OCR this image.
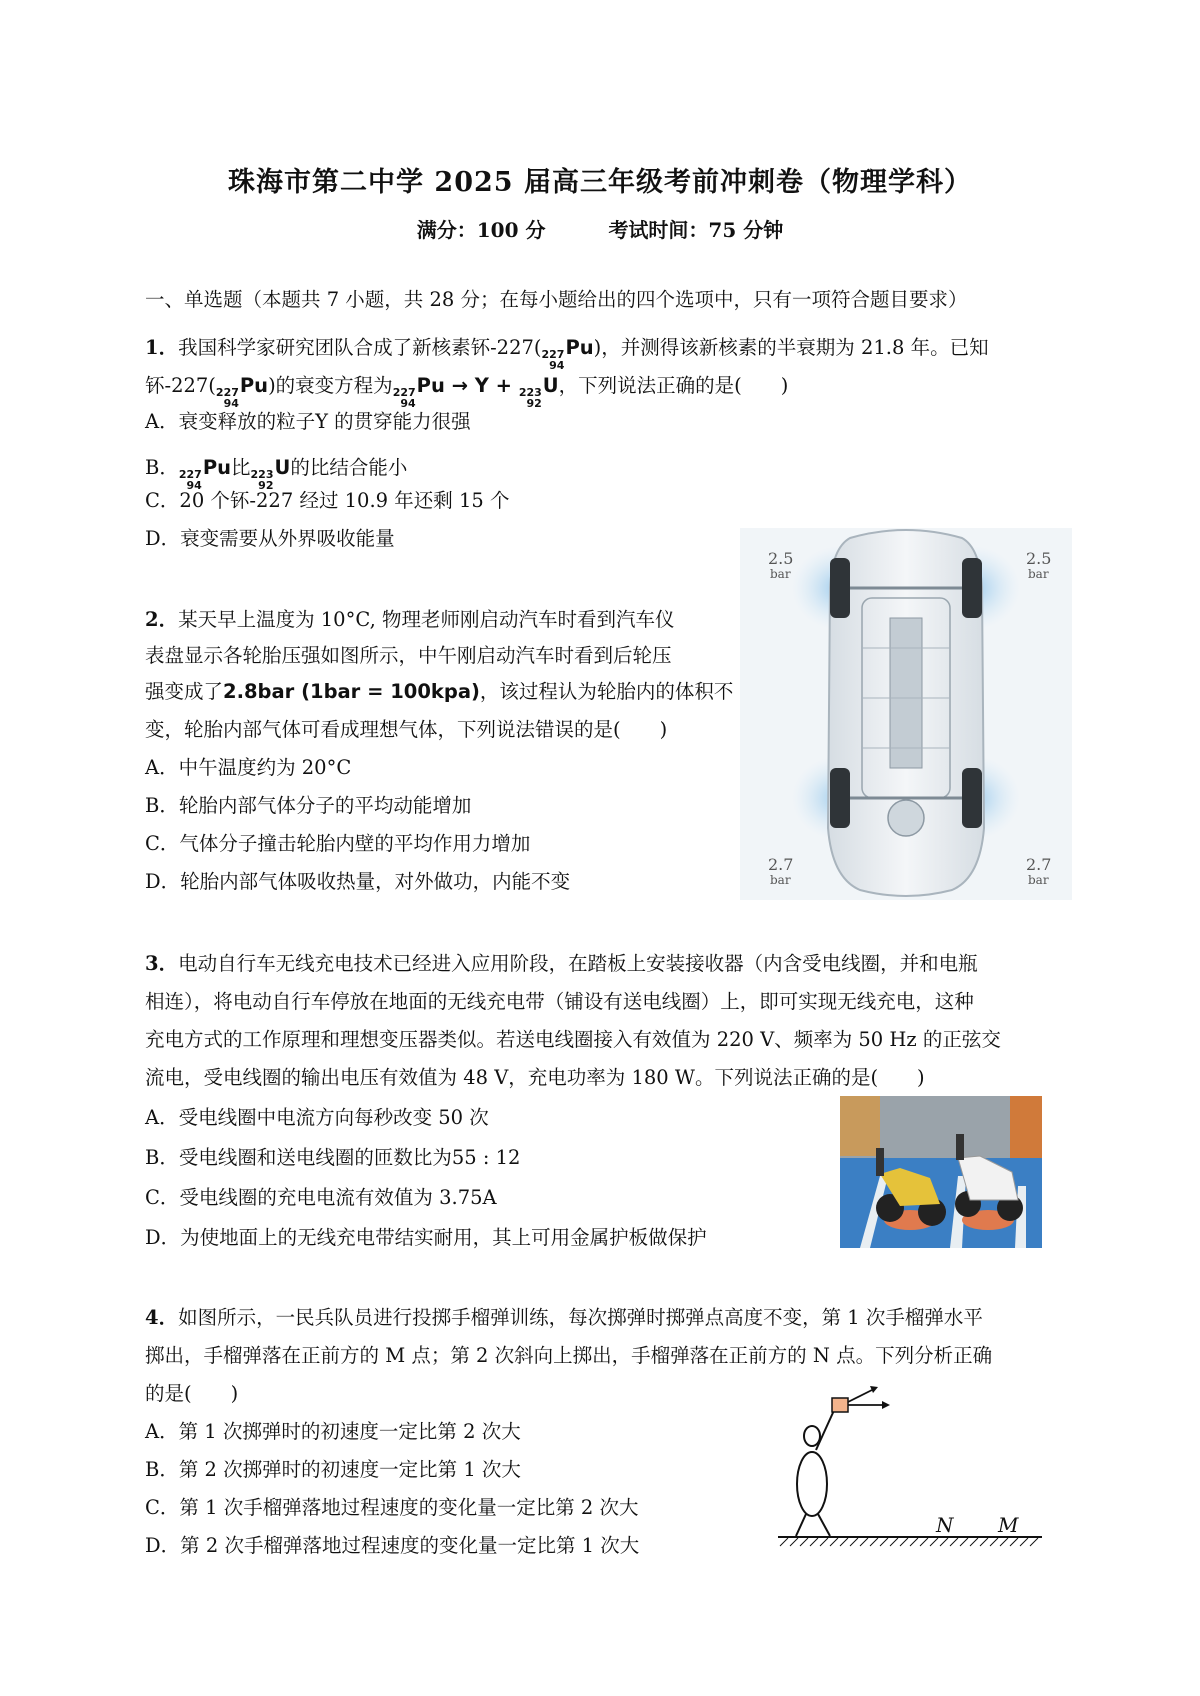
珠海市第二中学 2025 届高三年级考前冲刺卷（物理学科）
满分：100 分	考试时间：75 分钟
一、单选题（本题共 7 小题，共 28 分；在每小题给出的四个选项中，只有一项符合题目要求）
1．我国科学家研究团队合成了新核素钚-227( 227
94
Pu)，并测得该新核素的半衰期为 21.8 年。已知
钚-227( 227
94
Pu)的衰变方程为 227
94
Pu → Y + 223
92
U，下列说法正确的是(　　)
A．衰变释放的粒子Y 的贯穿能力很强
B． 227
94
Pu比 223
92
U的比结合能小
C．20 个钚-227 经过 10.9 年还剩 15 个
D．衰变需要从外界吸收能量
2．某天早上温度为 10°C, 物理老师刚启动汽车时看到汽车仪
表盘显示各轮胎压强如图所示，中午刚启动汽车时看到后轮压
强变成了2.8bar (1bar = 100kpa)，该过程认为轮胎内的体积不
变，轮胎内部气体可看成理想气体，下列说法错误的是(　　)
A．中午温度约为 20°C
B．轮胎内部气体分子的平均动能增加
C．气体分子撞击轮胎内壁的平均作用力增加
D．轮胎内部气体吸收热量，对外做功，内能不变
2.5
bar
2.5
bar
2.7
bar
2.7
bar
3．电动自行车无线充电技术已经进入应用阶段，在踏板上安装接收器（内含受电线圈，并和电瓶
相连），将电动自行车停放在地面的无线充电带（铺设有送电线圈）上，即可实现无线充电，这种
充电方式的工作原理和理想变压器类似。若送电线圈接入有效值为 220 V、频率为 50 Hz 的正弦交
流电，受电线圈的输出电压有效值为 48 V，充电功率为 180 W。下列说法正确的是(　　)
A．受电线圈中电流方向每秒改变 50 次
B．受电线圈和送电线圈的匝数比为55 : 12
C．受电线圈的充电电流有效值为 3.75A
D．为使地面上的无线充电带结实耐用，其上可用金属护板做保护	1
4．如图所示，一民兵队员进行投掷手榴弹训练，每次掷弹时掷弹点高度不变，第 1 次手榴弹水平
掷出，手榴弹落在正前方的 M 点；第 2 次斜向上掷出，手榴弹落在正前方的 N 点。下列分析正确
的是(　　)
A．第 1 次掷弹时的初速度一定比第 2 次大
B．第 2 次掷弹时的初速度一定比第 1 次大
C．第 1 次手榴弹落地过程速度的变化量一定比第 2 次大
D．第 2 次手榴弹落地过程速度的变化量一定比第 1 次大
N M
